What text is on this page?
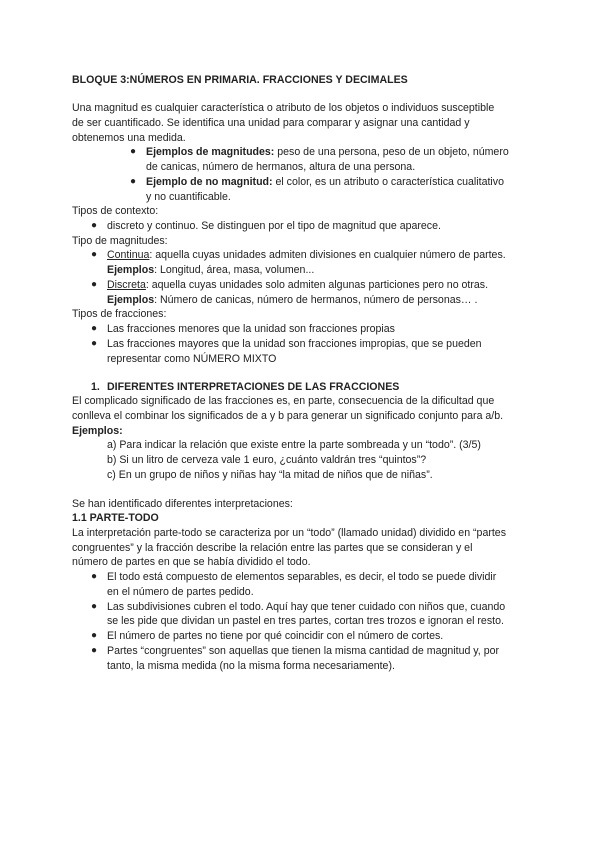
BLOQUE 3:NÚMEROS EN PRIMARIA. FRACCIONES Y DECIMALES
Una magnitud es cualquier característica o atributo de los objetos o individuos susceptible
de ser cuantificado. Se identifica una unidad para comparar y asignar una cantidad y
obtenemos una medida.
● Ejemplos de magnitudes: peso de una persona, peso de un objeto, número
de canicas, número de hermanos, altura de una persona.
● Ejemplo de no magnitud: el color, es un atributo o característica cualitativo
y no cuantificable.
Tipos de contexto:
● discreto y continuo. Se distinguen por el tipo de magnitud que aparece.
Tipo de magnitudes:
● Continua: aquella cuyas unidades admiten divisiones en cualquier número de partes.
Ejemplos: Longitud, área, masa, volumen...
● Discreta: aquella cuyas unidades solo admiten algunas particiones pero no otras.
Ejemplos: Número de canicas, número de hermanos, número de personas… .
Tipos de fracciones:
● Las fracciones menores que la unidad son fracciones propias
● Las fracciones mayores que la unidad son fracciones impropias, que se pueden
representar como NÚMERO MIXTO
1. DIFERENTES INTERPRETACIONES DE LAS FRACCIONES
El complicado significado de las fracciones es, en parte, consecuencia de la dificultad que
conlleva el combinar los significados de a y b para generar un significado conjunto para a/b.
Ejemplos:
a) Para indicar la relación que existe entre la parte sombreada y un “todo”. (3/5)
b) Si un litro de cerveza vale 1 euro, ¿cuánto valdrán tres “quintos”?
c) En un grupo de niños y niñas hay “la mitad de niños que de niñas”.
Se han identificado diferentes interpretaciones:
1.1 PARTE-TODO
La interpretación parte-todo se caracteriza por un “todo” (llamado unidad) dividido en “partes
congruentes” y la fracción describe la relación entre las partes que se consideran y el
número de partes en que se había dividido el todo.
● El todo está compuesto de elementos separables, es decir, el todo se puede dividir
en el número de partes pedido.
● Las subdivisiones cubren el todo. Aquí hay que tener cuidado con niños que, cuando
se les pide que dividan un pastel en tres partes, cortan tres trozos e ignoran el resto.
● El número de partes no tiene por qué coincidir con el número de cortes.
● Partes “congruentes” son aquellas que tienen la misma cantidad de magnitud y, por
tanto, la misma medida (no la misma forma necesariamente).
